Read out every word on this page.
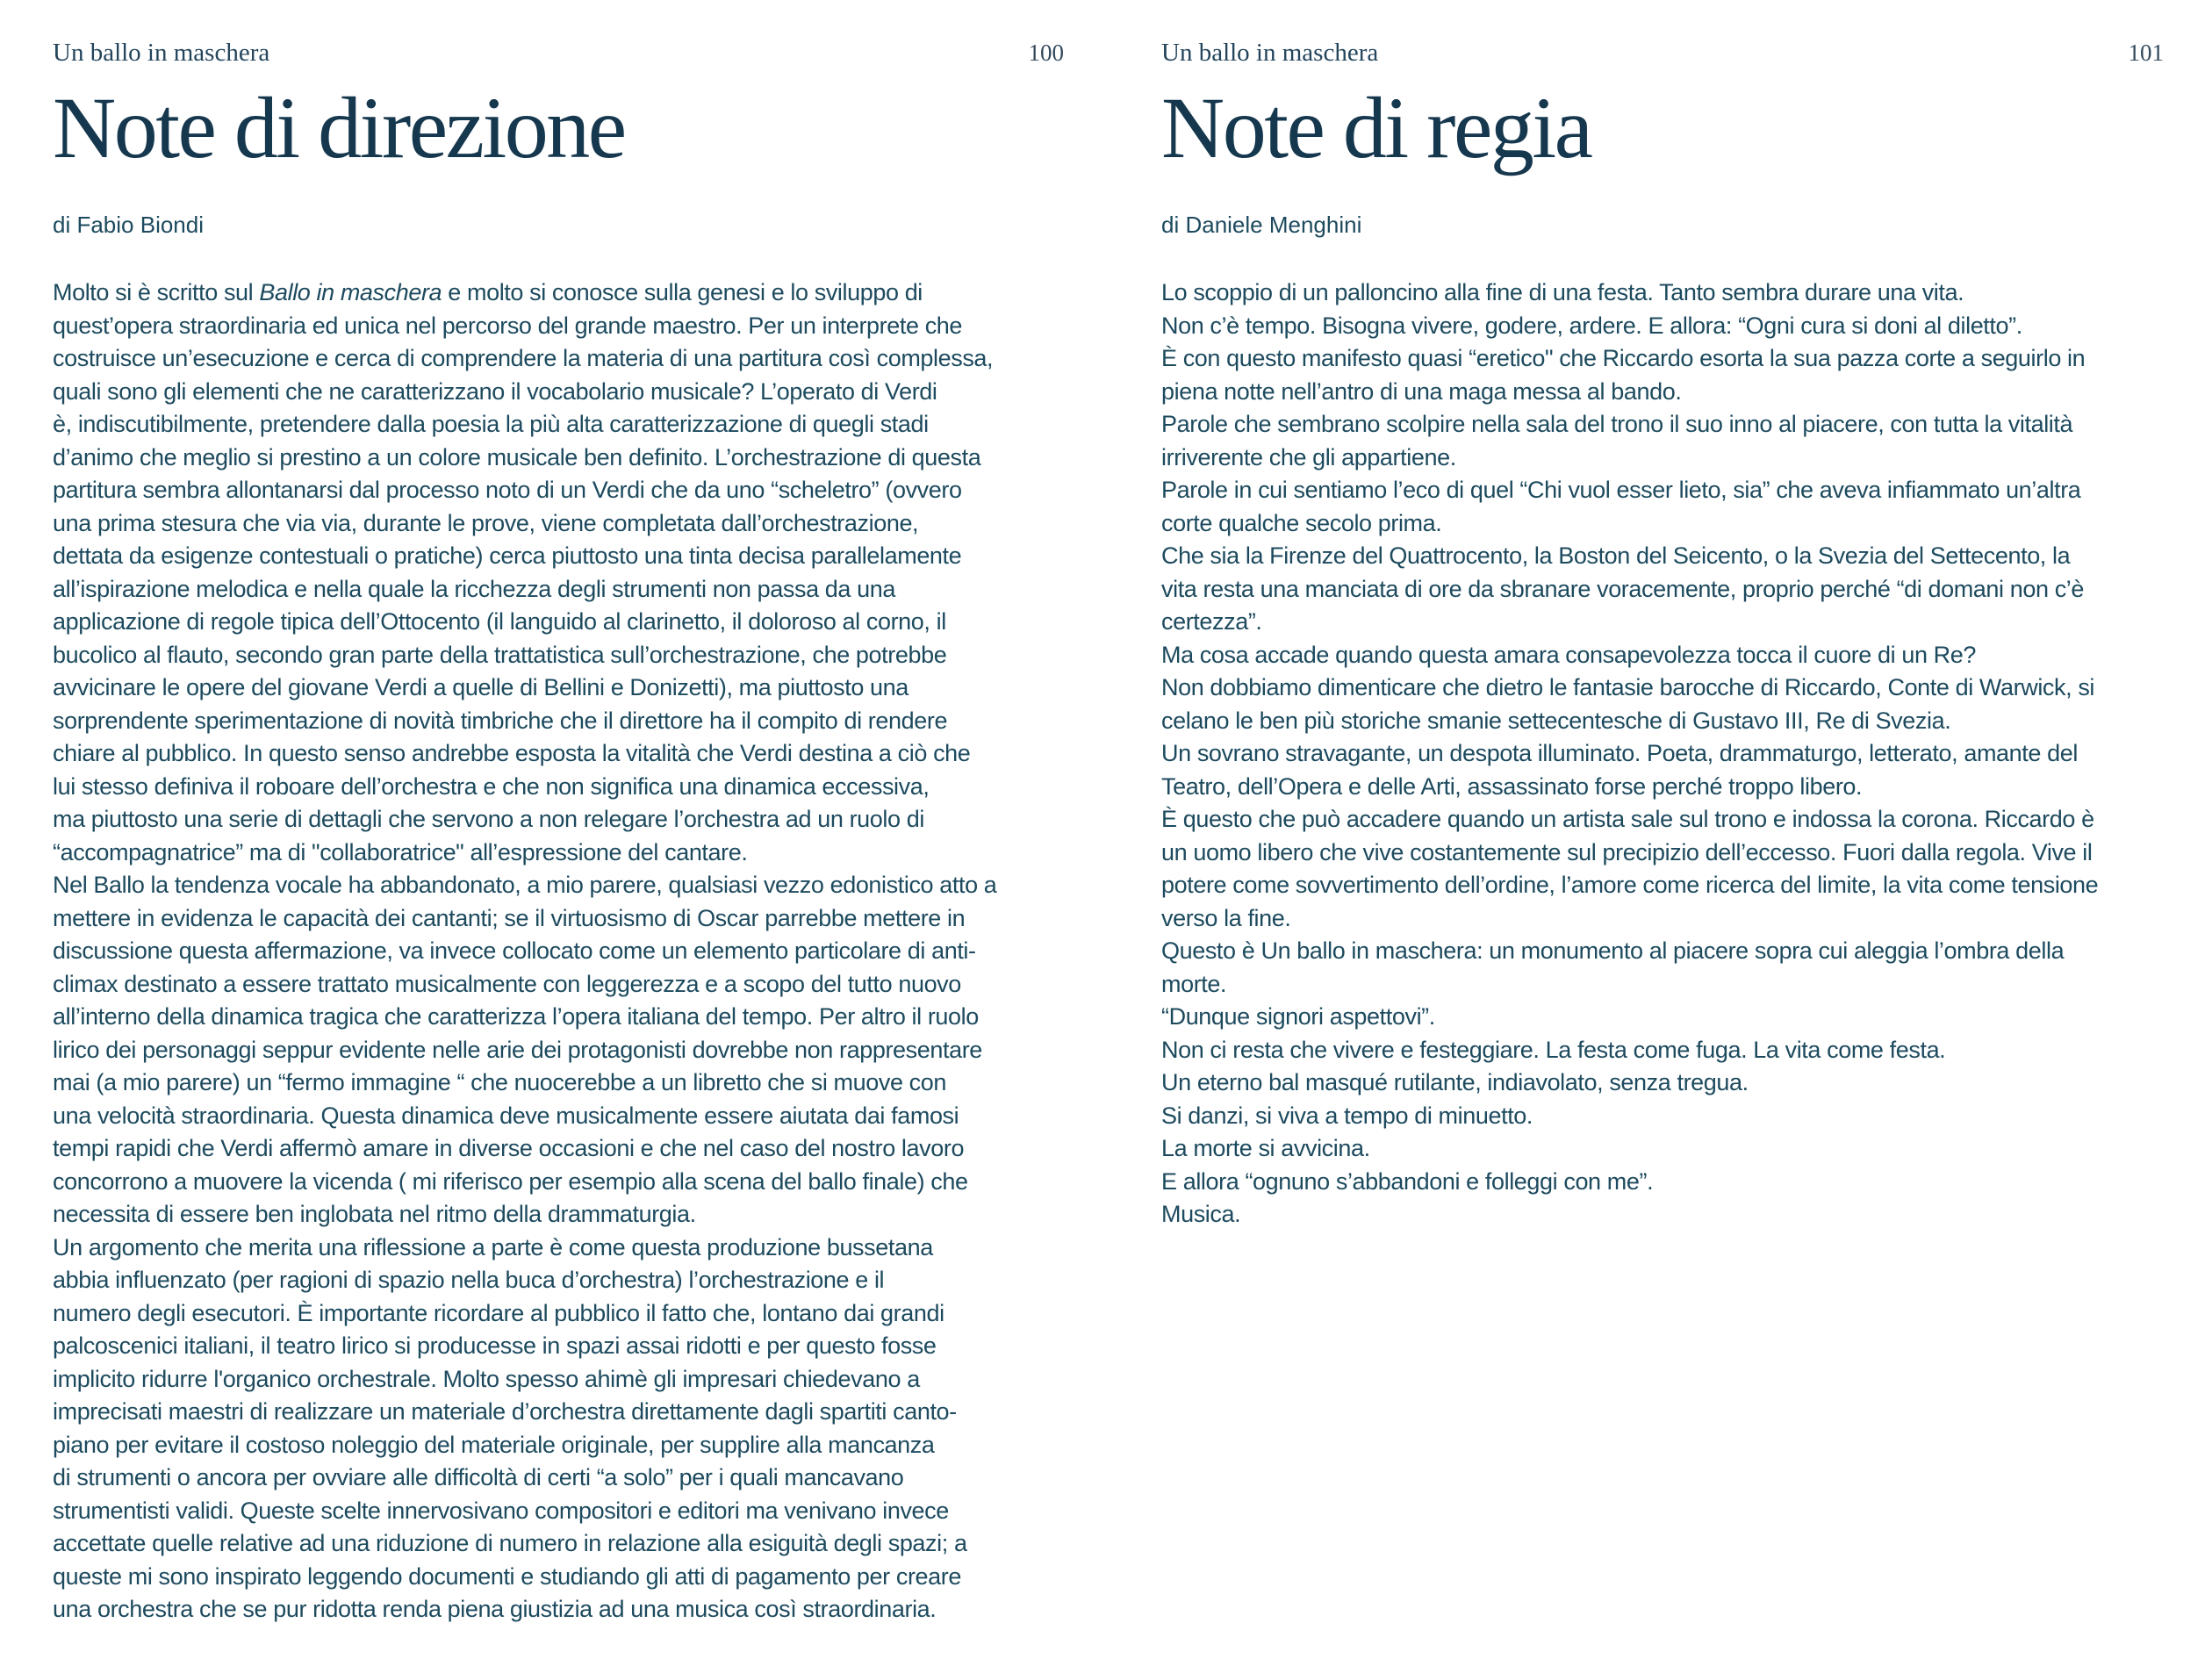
Un ballo in maschera	100
Note di direzione

di Fabio Biondi

Molto si è scritto sul Ballo in maschera e molto si conosce sulla genesi e lo sviluppo di
quest’opera straordinaria ed unica nel percorso del grande maestro. Per un interprete che
costruisce un’esecuzione e cerca di comprendere la materia di una partitura così complessa,
quali sono gli elementi che ne caratterizzano il vocabolario musicale? L’operato di Verdi
è, indiscutibilmente, pretendere dalla poesia la più alta caratterizzazione di quegli stadi
d’animo che meglio si prestino a un colore musicale ben definito. L’orchestrazione di questa
partitura sembra allontanarsi dal processo noto di un Verdi che da uno “scheletro” (ovvero
una prima stesura che via via, durante le prove, viene completata dall’orchestrazione,
dettata da esigenze contestuali o pratiche) cerca piuttosto una tinta decisa parallelamente
all’ispirazione melodica e nella quale la ricchezza degli strumenti non passa da una
applicazione di regole tipica dell’Ottocento (il languido al clarinetto, il doloroso al corno, il
bucolico al flauto, secondo gran parte della trattatistica sull’orchestrazione, che potrebbe
avvicinare le opere del giovane Verdi a quelle di Bellini e Donizetti), ma piuttosto una
sorprendente sperimentazione di novità timbriche che il direttore ha il compito di rendere
chiare al pubblico. In questo senso andrebbe esposta la vitalità che Verdi destina a ciò che
lui stesso definiva il roboare dell’orchestra e che non significa una dinamica eccessiva,
ma piuttosto una serie di dettagli che servono a non relegare l’orchestra ad un ruolo di
“accompagnatrice” ma di "collaboratrice" all’espressione del cantare.
Nel Ballo la tendenza vocale ha abbandonato, a mio parere, qualsiasi vezzo edonistico atto a
mettere in evidenza le capacità dei cantanti; se il virtuosismo di Oscar parrebbe mettere in
discussione questa affermazione, va invece collocato come un elemento particolare di anti-
climax destinato a essere trattato musicalmente con leggerezza e a scopo del tutto nuovo
all’interno della dinamica tragica che caratterizza l’opera italiana del tempo. Per altro il ruolo
lirico dei personaggi seppur evidente nelle arie dei protagonisti dovrebbe non rappresentare
mai (a mio parere) un “fermo immagine “ che nuocerebbe a un libretto che si muove con
una velocità straordinaria. Questa dinamica deve musicalmente essere aiutata dai famosi
tempi rapidi che Verdi affermò amare in diverse occasioni e che nel caso del nostro lavoro
concorrono a muovere la vicenda ( mi riferisco per esempio alla scena del ballo finale) che
necessita di essere ben inglobata nel ritmo della drammaturgia.
Un argomento che merita una riflessione a parte è come questa produzione bussetana
abbia influenzato (per ragioni di spazio nella buca d’orchestra) l’orchestrazione e il
numero degli esecutori. È importante ricordare al pubblico il fatto che, lontano dai grandi
palcoscenici italiani, il teatro lirico si producesse in spazi assai ridotti e per questo fosse
implicito ridurre l'organico orchestrale. Molto spesso ahimè gli impresari chiedevano a
imprecisati maestri di realizzare un materiale d’orchestra direttamente dagli spartiti canto-
piano per evitare il costoso noleggio del materiale originale, per supplire alla mancanza
di strumenti o ancora per ovviare alle difficoltà di certi “a solo” per i quali mancavano
strumentisti validi. Queste scelte innervosivano compositori e editori ma venivano invece
accettate quelle relative ad una riduzione di numero in relazione alla esiguità degli spazi; a
queste mi sono inspirato leggendo documenti e studiando gli atti di pagamento per creare
una orchestra che se pur ridotta renda piena giustizia ad una musica così straordinaria.
Un ballo in maschera	101
Note di regia

di Daniele Menghini

Lo scoppio di un palloncino alla fine di una festa. Tanto sembra durare una vita.
Non c’è tempo. Bisogna vivere, godere, ardere. E allora: “Ogni cura si doni al diletto”.
È con questo manifesto quasi “eretico" che Riccardo esorta la sua pazza corte a seguirlo in
piena notte nell’antro di una maga messa al bando.
Parole che sembrano scolpire nella sala del trono il suo inno al piacere, con tutta la vitalità
irriverente che gli appartiene.
Parole in cui sentiamo l’eco di quel “Chi vuol esser lieto, sia” che aveva infiammato un’altra
corte qualche secolo prima.
Che sia la Firenze del Quattrocento, la Boston del Seicento, o la Svezia del Settecento, la
vita resta una manciata di ore da sbranare voracemente, proprio perché “di domani non c’è
certezza”.
Ma cosa accade quando questa amara consapevolezza tocca il cuore di un Re?
Non dobbiamo dimenticare che dietro le fantasie barocche di Riccardo, Conte di Warwick, si
celano le ben più storiche smanie settecentesche di Gustavo III, Re di Svezia.
Un sovrano stravagante, un despota illuminato. Poeta, drammaturgo, letterato, amante del
Teatro, dell’Opera e delle Arti, assassinato forse perché troppo libero.
È questo che può accadere quando un artista sale sul trono e indossa la corona. Riccardo è
un uomo libero che vive costantemente sul precipizio dell’eccesso. Fuori dalla regola. Vive il
potere come sovvertimento dell’ordine, l’amore come ricerca del limite, la vita come tensione
verso la fine.
Questo è Un ballo in maschera: un monumento al piacere sopra cui aleggia l’ombra della
morte.
“Dunque signori aspettovi”.
Non ci resta che vivere e festeggiare. La festa come fuga. La vita come festa.
Un eterno bal masqué rutilante, indiavolato, senza tregua.
Si danzi, si viva a tempo di minuetto.
La morte si avvicina.
E allora “ognuno s’abbandoni e folleggi con me”.
Musica.
